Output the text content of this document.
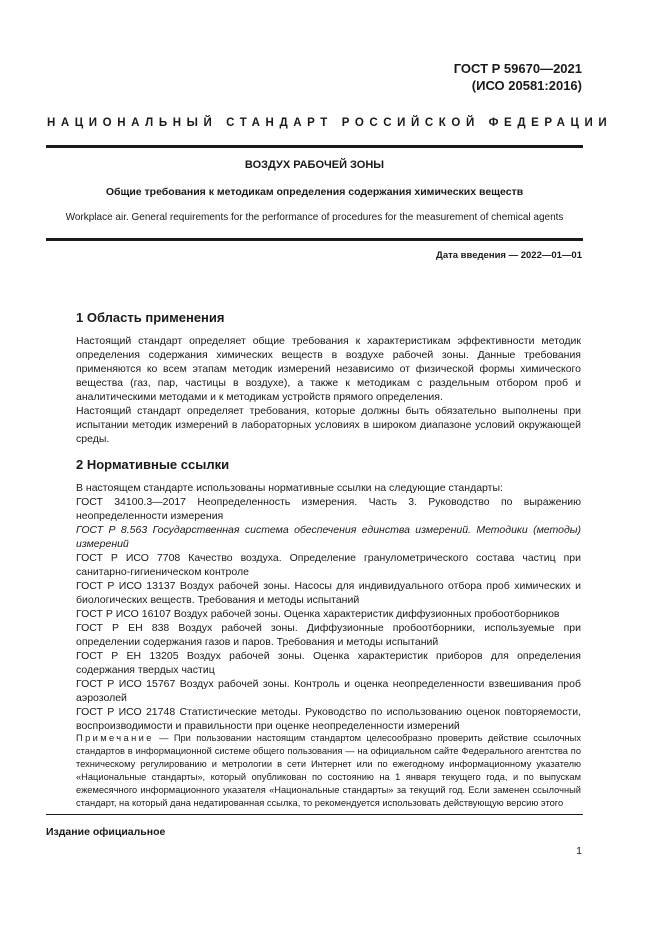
ГОСТ Р 59670—2021
(ИСО 20581:2016)
НАЦИОНАЛЬНЫЙ СТАНДАРТ РОССИЙСКОЙ ФЕДЕРАЦИИ
ВОЗДУХ РАБОЧЕЙ ЗОНЫ
Общие требования к методикам определения содержания химических веществ
Workplace air. General requirements for the performance of procedures for the measurement of chemical agents
Дата введения — 2022—01—01
1 Область применения

Настоящий стандарт определяет общие требования к характеристикам эффективности методик определения содержания химических веществ в воздухе рабочей зоны. Данные требования применяются ко всем этапам методик измерений независимо от физической формы химического вещества (газ, пар, частицы в воздухе), а также к методикам с раздельным отбором проб и аналитическими методами и к методикам устройств прямого определения.

Настоящий стандарт определяет требования, которые должны быть обязательно выполнены при испытании методик измерений в лабораторных условиях в широком диапазоне условий окружающей среды.

2 Нормативные ссылки

В настоящем стандарте использованы нормативные ссылки на следующие стандарты:

ГОСТ 34100.3—2017 Неопределенность измерения. Часть 3. Руководство по выражению неопределенности измерения

ГОСТ Р 8.563 Государственная система обеспечения единства измерений. Методики (методы) измерений

ГОСТ Р ИСО 7708 Качество воздуха. Определение гранулометрического состава частиц при санитарно-гигиеническом контроле

ГОСТ Р ИСО 13137 Воздух рабочей зоны. Насосы для индивидуального отбора проб химических и биологических веществ. Требования и методы испытаний

ГОСТ Р ИСО 16107 Воздух рабочей зоны. Оценка характеристик диффузионных пробоотборников

ГОСТ Р ЕН 838 Воздух рабочей зоны. Диффузионные пробоотборники, используемые при определении содержания газов и паров. Требования и методы испытаний

ГОСТ Р ЕН 13205 Воздух рабочей зоны. Оценка характеристик приборов для определения содержания твердых частиц

ГОСТ Р ИСО 15767 Воздух рабочей зоны. Контроль и оценка неопределенности взвешивания проб аэрозолей

ГОСТ Р ИСО 21748 Статистические методы. Руководство по использованию оценок повторяемости, воспроизводимости и правильности при оценке неопределенности измерений

Примечание — При пользовании настоящим стандартом целесообразно проверить действие ссылочных стандартов в информационной системе общего пользования — на официальном сайте Федерального агентства по техническому регулированию и метрологии в сети Интернет или по ежегодному информационному указателю «Национальные стандарты», который опубликован по состоянию на 1 января текущего года, и по выпускам ежемесячного информационного указателя «Национальные стандарты» за текущий год. Если заменен ссылочный стандарт, на который дана недатированная ссылка, то рекомендуется использовать действующую версию этого
Издание официальное
1
